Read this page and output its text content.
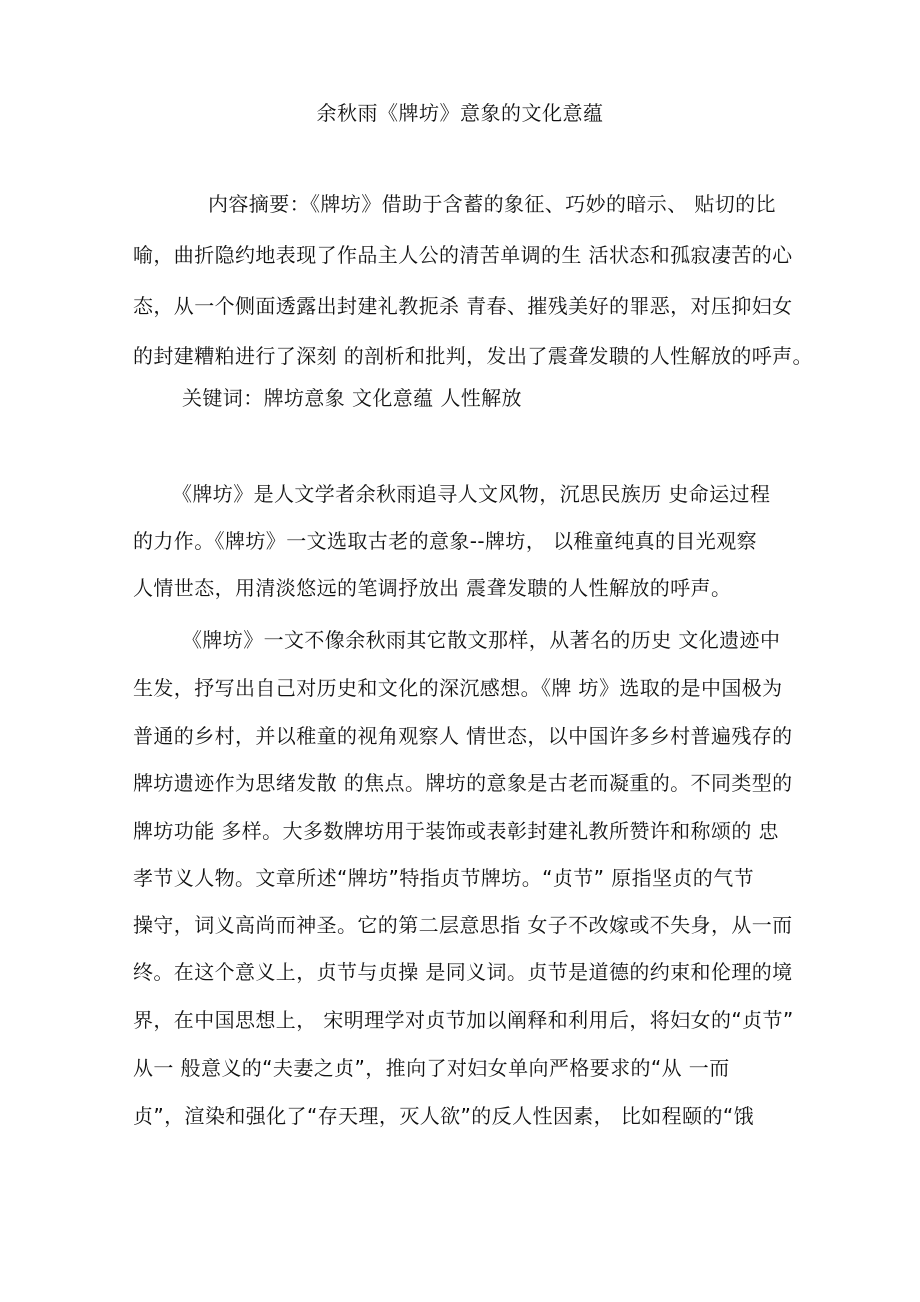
余秋雨《牌坊》意象的文化意蕴
内容摘要：《牌坊》借助于含蓄的象征、巧妙的暗示、 贴切的比
喻，曲折隐约地表现了作品主人公的清苦单调的生 活状态和孤寂凄苦的心
态，从一个侧面透露出封建礼教扼杀 青春、摧残美好的罪恶，对压抑妇女
的封建糟粕进行了深刻 的剖析和批判，发出了震聋发聩的人性解放的呼声。
关键词：牌坊意象 文化意蕴 人性解放
《牌坊》是人文学者余秋雨追寻人文风物，沉思民族历 史命运过程
的力作。《牌坊》一文选取古老的意象--牌坊， 以稚童纯真的目光观察
人情世态，用清淡悠远的笔调抒放出 震聋发聩的人性解放的呼声。
《牌坊》一文不像余秋雨其它散文那样，从著名的历史 文化遗迹中
生发，抒写出自己对历史和文化的深沉感想。《牌 坊》选取的是中国极为
普通的乡村，并以稚童的视角观察人 情世态，以中国许多乡村普遍残存的
牌坊遗迹作为思绪发散 的焦点。牌坊的意象是古老而凝重的。不同类型的
牌坊功能 多样。大多数牌坊用于装饰或表彰封建礼教所赞许和称颂的 忠
孝节义人物。文章所述“牌坊”特指贞节牌坊。“贞节” 原指坚贞的气节
操守，词义高尚而神圣。它的第二层意思指 女子不改嫁或不失身，从一而
终。在这个意义上，贞节与贞操 是同义词。贞节是道德的约束和伦理的境
界，在中国思想上， 宋明理学对贞节加以阐释和利用后，将妇女的“贞节”
从一 般意义的“夫妻之贞”，推向了对妇女单向严格要求的“从 一而
贞”，渲染和强化了“存天理，灭人欲”的反人性因素， 比如程颐的“饿
